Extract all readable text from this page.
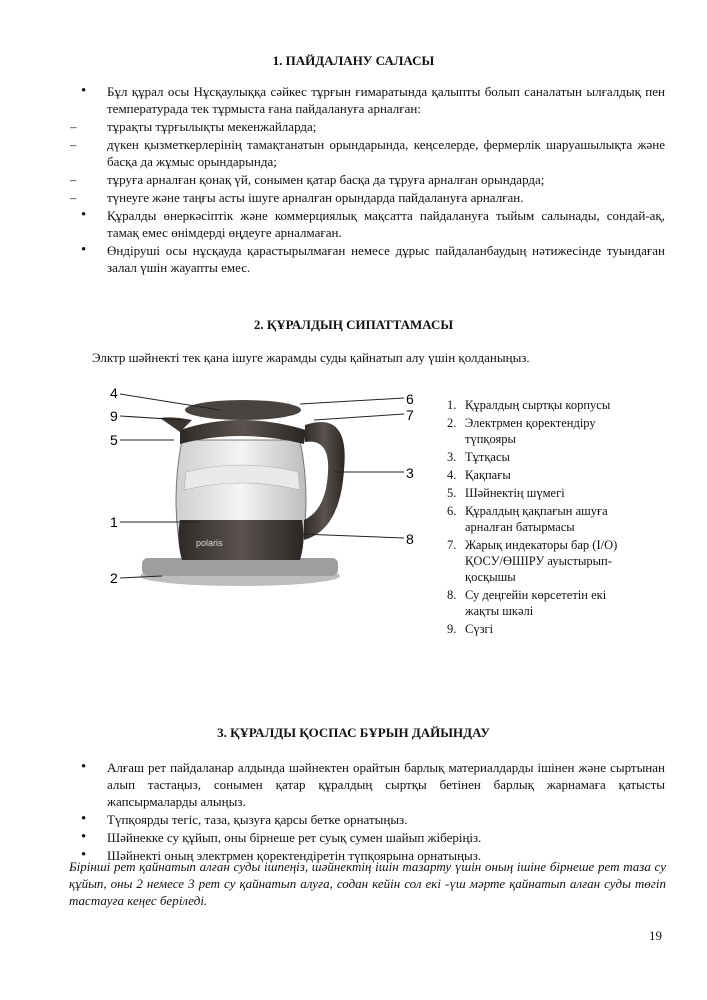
1. ПАЙДАЛАНУ САЛАСЫ
• Бұл құрал осы Нұсқаулыққа сәйкес тұрғын ғимаратында қалыпты болып саналатын ылғалдық пен температурада тек тұрмыста ғана пайдалануға арналған:
– тұрақты тұрғылықты мекенжайларда;
– дүкен қызметкерлерінің тамақтанатын орындарында, кеңселерде, фермерлік шаруашылықта және басқа да жұмыс орындарында;
– тұруға арналған қонақ үй, сонымен қатар басқа да тұруға арналған орындарда;
– түнеуге және таңғы асты ішуге арналған орындарда пайдалануға арналған.
• Құралды өнеркәсіптік және коммерциялық мақсатта пайдалануға тыйым салынады, сондай-ақ, тамақ емес өнімдерді өңдеуге арналмаған.
• Өндіруші осы нұсқауда қарастырылмаған немесе дұрыс пайдаланбаудың нәтижесінде туындаған залал үшін жауапты емес.
2. ҚҰРАЛДЫҢ СИПАТТАМАСЫ
Элктр шәйнекті тек қана ішуге жарамды суды қайнатып алу үшін қолданыңыз.
polaris
4
9
5
6
7
3
1
8
2
1. Құралдың сыртқы корпусы
2. Электрмен қоректендіру түпқояры
3. Тұтқасы
4. Қақпағы
5. Шәйнектің шүмегі
6. Құралдың қақпағын ашуға арналған батырмасы
7. Жарық индекаторы бар (I/O) ҚОСУ/ӨШІРУ ауыстырып-қосқышы
8. Су деңгейін көрсететін екі жақты шкәлі
9. Сүзгі
3. ҚҰРАЛДЫ ҚОСПАС БҰРЫН ДАЙЫНДАУ
• Алғаш рет пайдаланар алдында шәйнектен орайтын барлық материалдарды ішінен және сыртынан алып тастаңыз, сонымен қатар құралдың сыртқы бетінен барлық жарнамаға қатысты жапсырмаларды алыңыз.
• Түпқоярды тегіс, таза, қызуға қарсы бетке орнатыңыз.
• Шәйнекке су құйып, оны бірнеше рет суық сумен шайып жіберіңіз.
• Шәйнекті оның электрмен қоректендіретін түпқоярына орнатыңыз.
Бірінші рет қайнатып алған суды ішпеңіз, шәйнектің ішін тазарту үшін оның ішіне бірнеше рет таза су құйып, оны 2 немесе 3 рет су қайнатып алуға, содан кейін сол екі -үш мәрте қайнатып алған суды төгіп тастауға кеңес беріледі.
19
